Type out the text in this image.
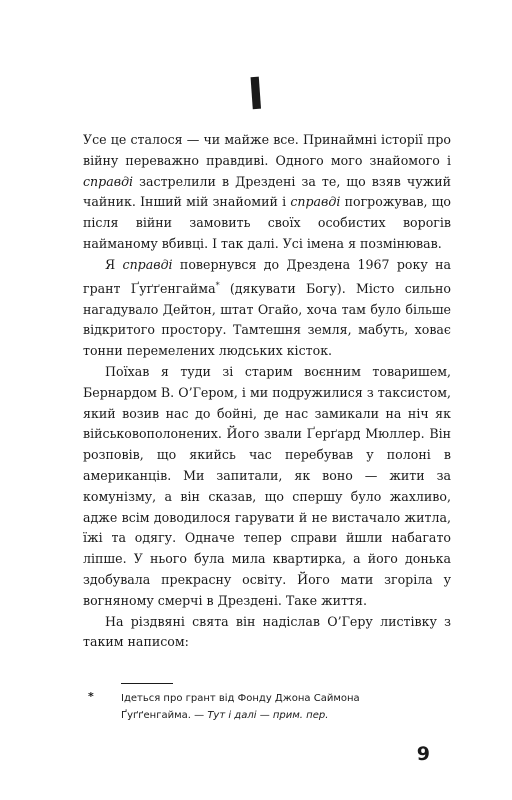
I

Усе це сталося — чи майже все. Принаймні історії про війну переважно правдиві. Одного мого знайомого і справді застрелили в Дрездені за те, що взяв чужий чайник. Інший мій знайомий і справді погрожував, що після війни замовить своїх особистих ворогів найманому вбивці. І так далі. Усі імена я позмінював.

Я справді повернувся до Дрездена 1967 року на грант Ґуґґенгайма* (дякувати Богу). Місто сильно нагадувало Дейтон, штат Огайо, хоча там було більше відкритого простору. Тамтешня земля, мабуть, ховає тонни перемелених людських кісток.

Поїхав я туди зі старим воєнним товаришем, Бернардом В. О’Гером, і ми подружилися з таксистом, який возив нас до бойні, де нас замикали на ніч як військовополонених. Його звали Ґерґард Мюллер. Він розповів, що якийсь час перебував у полоні в американців. Ми запитали, як воно — жити за комунізму, а він сказав, що спершу було жахливо, адже всім доводилося гарувати й не вистачало житла, їжі та одягу. Одначе тепер справи йшли набагато ліпше. У нього була мила квартирка, а його донька здобувала прекрасну освіту. Його мати згоріла у вогняному смерчі в Дрездені. Таке життя.

На різдвяні свята він надіслав О’Геру листівку з таким написом:

*	Ідеться про грант від Фонду Джона Саймона Ґуґґенгайма. — Тут і далі — прим. пер.
9
